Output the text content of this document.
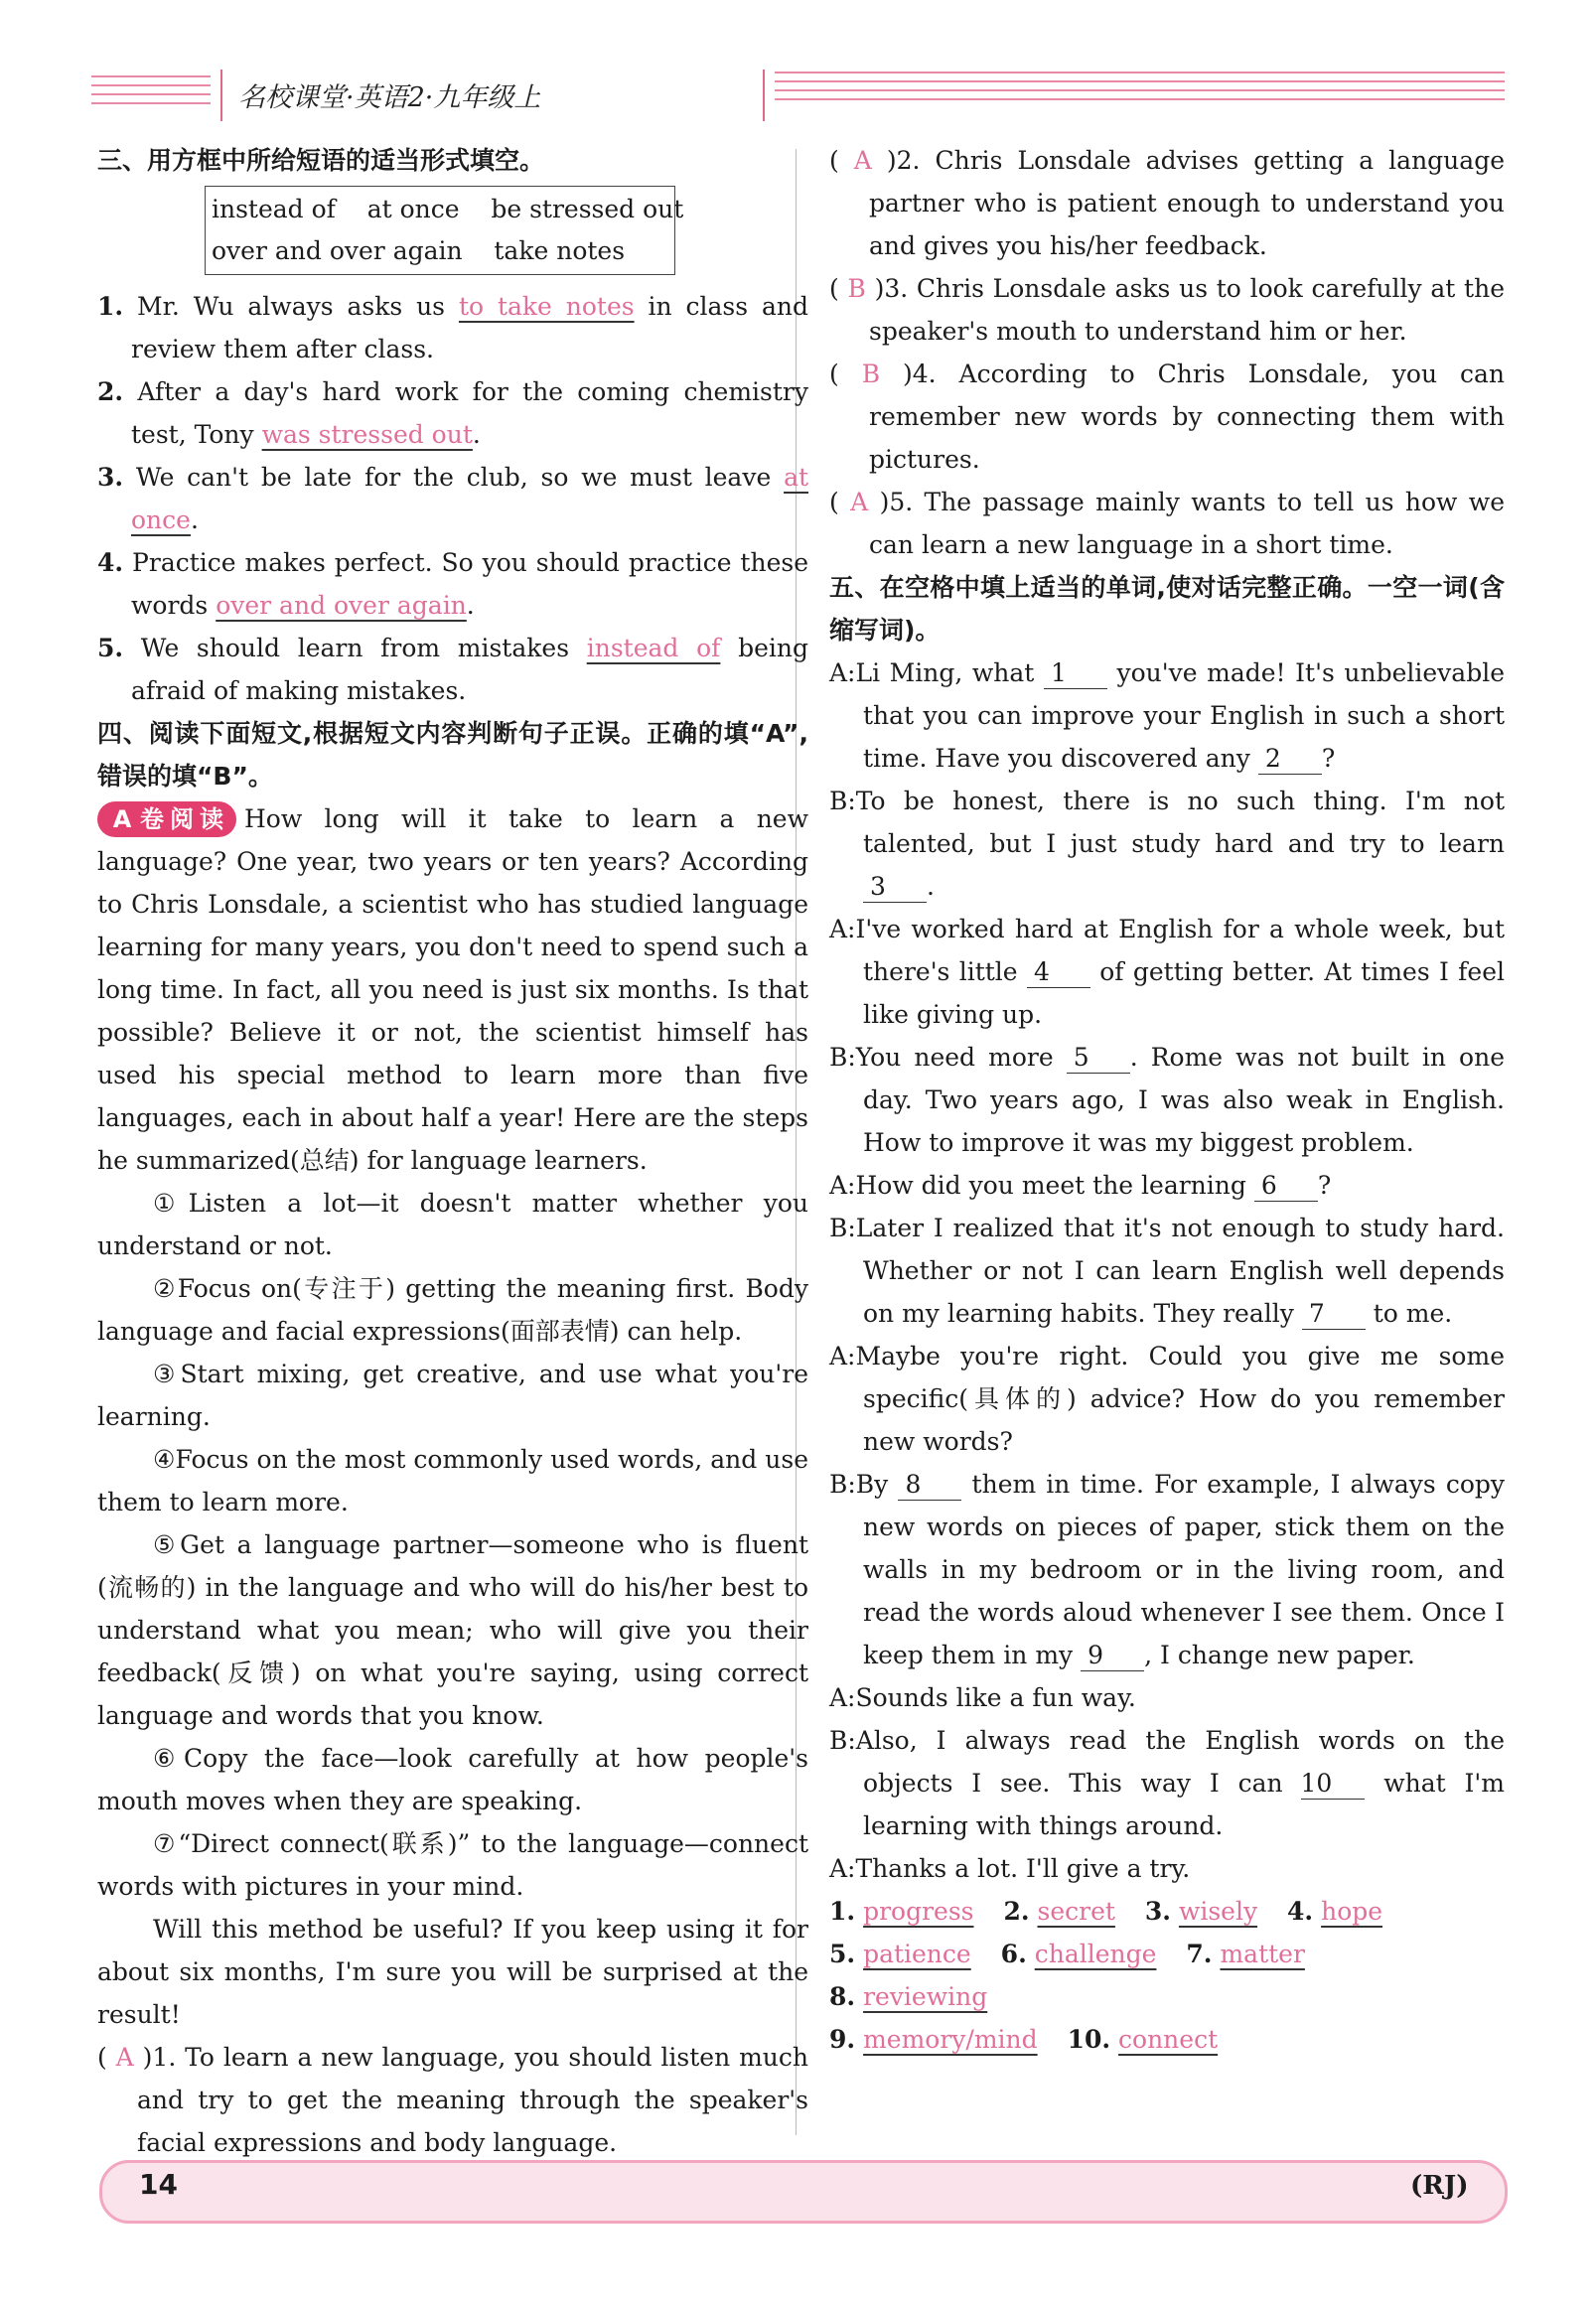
名校课堂·英语2·九年级上

三、用方框中所给短语的适当形式填空。

instead of    at once    be stressed out
over and over again    take notes

1. Mr. Wu always asks us to take notes in class and review them after class.

2. After a day's hard work for the coming chemistry test, Tony was stressed out.

3. We can't be late for the club, so we must leave at once.

4. Practice makes perfect. So you should practice these words over and over again.

5. We should learn from mistakes instead of being afraid of making mistakes.

四、阅读下面短文,根据短文内容判断句子正误。正确的填“A”,错误的填“B”。

A 卷 阅 读 How long will it take to learn a new language? One year, two years or ten years? According to Chris Lonsdale, a scientist who has studied language learning for many years, you don't need to spend such a long time. In fact, all you need is just six months. Is that possible? Believe it or not, the scientist himself has used his special method to learn more than five languages, each in about half a year! Here are the steps he summarized(总结) for language learners.

①Listen a lot—it doesn't matter whether you understand or not.

②Focus on(专注于) getting the meaning first. Body language and facial expressions(面部表情) can help.

③Start mixing, get creative, and use what you're learning.

④Focus on the most commonly used words, and use them to learn more.

⑤Get a language partner—someone who is fluent (流畅的) in the language and who will do his/her best to understand what you mean; who will give you their feedback(反馈) on what you're saying, using correct language and words that you know.

⑥Copy the face—look carefully at how people's mouth moves when they are speaking.

⑦“Direct connect(联系)” to the language—connect words with pictures in your mind.

Will this method be useful? If you keep using it for about six months, I'm sure you will be surprised at the result!

( A )1. To learn a new language, you should listen much and try to get the meaning through the speaker's facial expressions and body language.

( A )2. Chris Lonsdale advises getting a language partner who is patient enough to understand you and gives you his/her feedback.

( B )3. Chris Lonsdale asks us to look carefully at the speaker's mouth to understand him or her.

( B )4. According to Chris Lonsdale, you can remember new words by connecting them with pictures.

( A )5. The passage mainly wants to tell us how we can learn a new language in a short time.

五、在空格中填上适当的单词,使对话完整正确。一空一词(含缩写词)。

A:Li Ming, what 1 you've made! It's unbelievable that you can improve your English in such a short time. Have you discovered any 2 ?

B:To be honest, there is no such thing. I'm not talented, but I just study hard and try to learn 3 .

A:I've worked hard at English for a whole week, but there's little 4 of getting better. At times I feel like giving up.

B:You need more 5 . Rome was not built in one day. Two years ago, I was also weak in English. How to improve it was my biggest problem.

A:How did you meet the learning 6 ?

B:Later I realized that it's not enough to study hard. Whether or not I can learn English well depends on my learning habits. They really 7 to me.

A:Maybe you're right. Could you give me some specific(具体的) advice? How do you remember new words?

B:By 8 them in time. For example, I always copy new words on pieces of paper, stick them on the walls in my bedroom or in the living room, and read the words aloud whenever I see them. Once I keep them in my 9 , I change new paper.

A:Sounds like a fun way.

B:Also, I always read the English words on the objects I see. This way I can 10 what I'm learning with things around.

A:Thanks a lot. I'll give a try.

1. progress 2. secret 3. wisely 4. hope

5. patience 6. challenge 7. matter 8. reviewing

9. memory/mind 10. connect

14	(RJ)
